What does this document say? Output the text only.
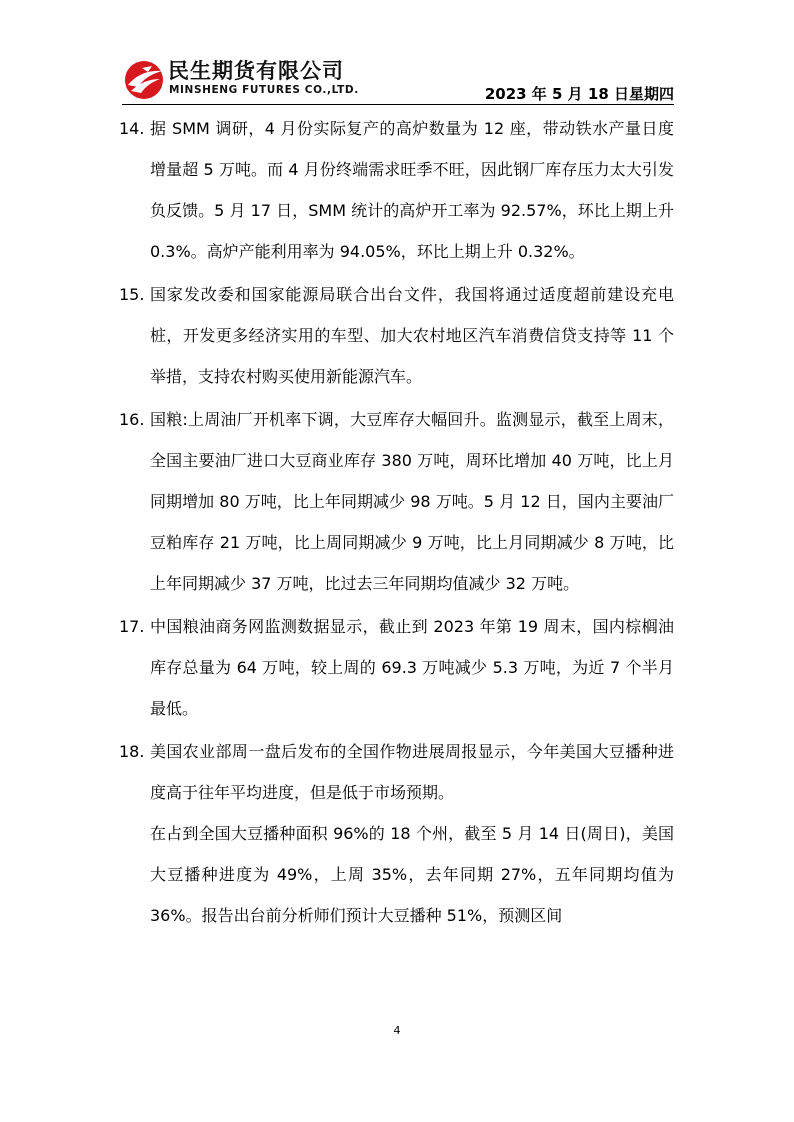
民生期货有限公司
MINSHENG FUTURES CO.,LTD.	2023 年 5 月 18 日星期四
14. 据 SMM 调研，4 月份实际复产的高炉数量为 12 座，带动铁水产量日度增量超 5 万吨。而 4 月份终端需求旺季不旺，因此钢厂库存压力太大引发负反馈。5 月 17 日，SMM 统计的高炉开工率为 92.57%，环比上期上升 0.3%。高炉产能利用率为 94.05%，环比上期上升 0.32%。

15. 国家发改委和国家能源局联合出台文件，我国将通过适度超前建设充电桩，开发更多经济实用的车型、加大农村地区汽车消费信贷支持等 11 个举措，支持农村购买使用新能源汽车。

16. 国粮:上周油厂开机率下调，大豆库存大幅回升。监测显示，截至上周末，全国主要油厂进口大豆商业库存 380 万吨，周环比增加 40 万吨，比上月同期增加 80 万吨，比上年同期减少 98 万吨。5 月 12 日，国内主要油厂豆粕库存 21 万吨，比上周同期减少 9 万吨，比上月同期减少 8 万吨，比上年同期减少 37 万吨，比过去三年同期均值减少 32 万吨。

17. 中国粮油商务网监测数据显示，截止到 2023 年第 19 周末，国内棕榈油库存总量为 64 万吨，较上周的 69.3 万吨减少 5.3 万吨，为近 7 个半月最低。

18. 美国农业部周一盘后发布的全国作物进展周报显示，今年美国大豆播种进度高于往年平均进度，但是低于市场预期。

在占到全国大豆播种面积 96%的 18 个州，截至 5 月 14 日(周日)，美国大豆播种进度为 49%，上周 35%，去年同期 27%，五年同期均值为 36%。报告出台前分析师们预计大豆播种 51%，预测区间

4
